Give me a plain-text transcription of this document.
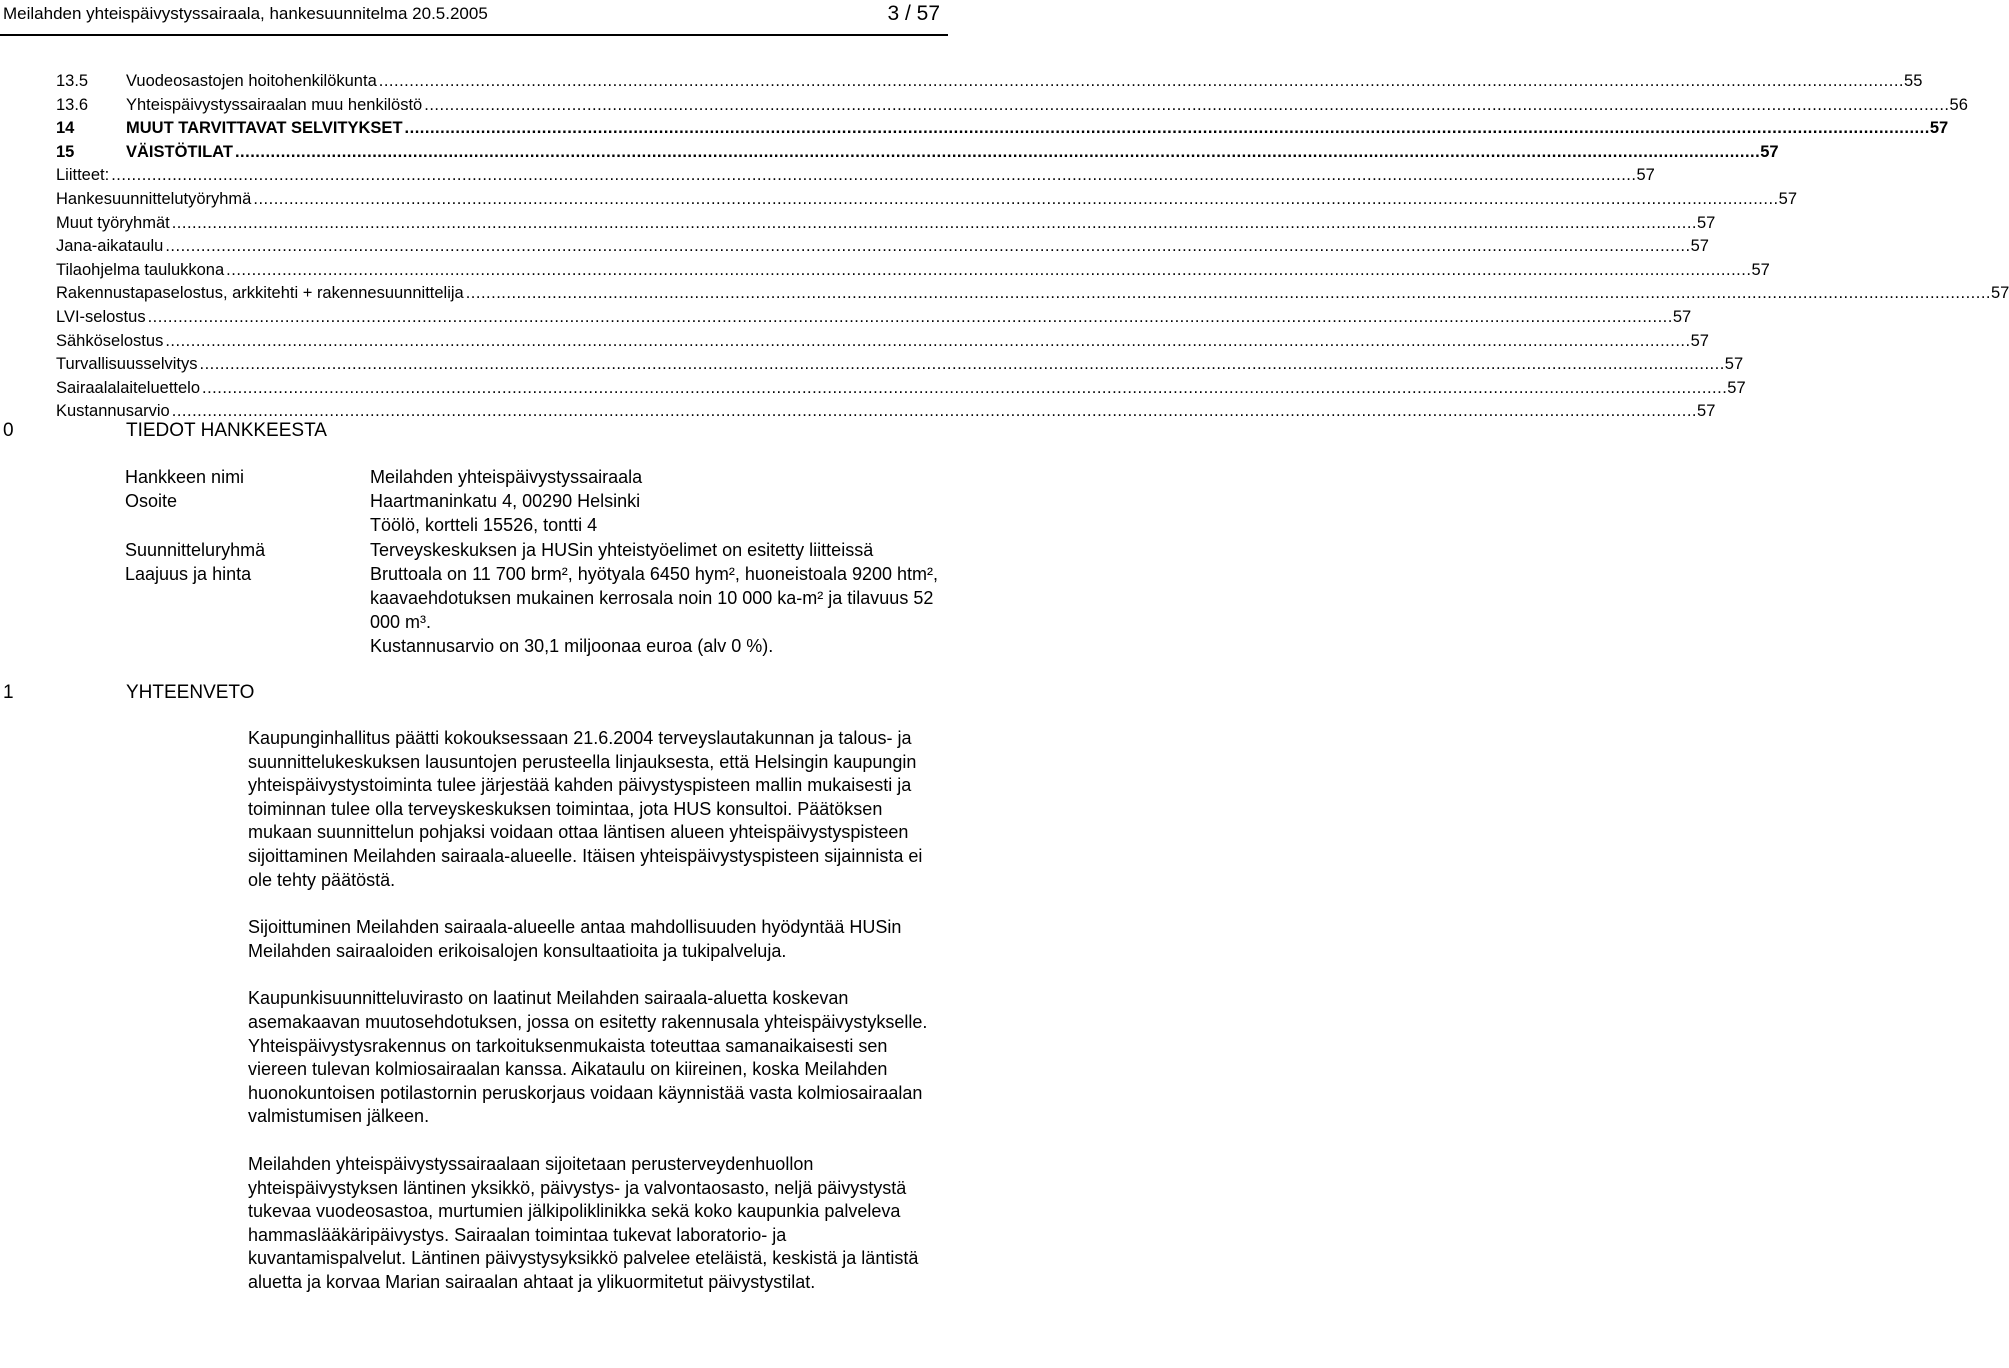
Meilahden yhteispäivystyssairaala, hankesuunnitelma 20.5.2005	3 / 57
13.5 Vuodeosastojen hoitohenkilökunta ............................................................................................................................................................................................................................................................................................................ 55
13.6 Yhteispäivystyssairaalan muu henkilöstö ............................................................................................................................................................................................................................................................................................................ 56
14	MUUT TARVITTAVAT SELVITYKSET ............................................................................................................................................................................................................................................................................................................ 57
15	VÄISTÖTILAT ............................................................................................................................................................................................................................................................................................................ 57
Liitteet: ............................................................................................................................................................................................................................................................................................................ 57
Hankesuunnittelutyöryhmä ............................................................................................................................................................................................................................................................................................................ 57
Muut työryhmät ............................................................................................................................................................................................................................................................................................................ 57
Jana-aikataulu ............................................................................................................................................................................................................................................................................................................ 57
Tilaohjelma taulukkona ............................................................................................................................................................................................................................................................................................................ 57
Rakennustapaselostus, arkkitehti + rakennesuunnittelija ............................................................................................................................................................................................................................................................................................................ 57
LVI-selostus ............................................................................................................................................................................................................................................................................................................ 57
Sähköselostus ............................................................................................................................................................................................................................................................................................................ 57
Turvallisuusselvitys ............................................................................................................................................................................................................................................................................................................ 57
Sairaalalaiteluettelo ............................................................................................................................................................................................................................................................................................................ 57
Kustannusarvio ............................................................................................................................................................................................................................................................................................................ 57
0	TIEDOT HANKKEESTA
Hankkeen nimi	Meilahden yhteispäivystyssairaala
Osoite	Haartmaninkatu 4, 00290 Helsinki
Töölö, kortteli 15526, tontti 4
Suunnitteluryhmä	Terveyskeskuksen ja HUSin yhteistyöelimet on esitetty liitteissä
Laajuus ja hinta	Bruttoala on 11 700 brm², hyötyala 6450 hym², huoneistoala 9200 htm², kaavaehdotuksen mukainen kerrosala noin 10 000 ka-m² ja tilavuus 52 000 m³.
Kustannusarvio on 30,1 miljoonaa euroa (alv 0 %).
1	YHTEENVETO

Kaupunginhallitus päätti kokouksessaan 21.6.2004 terveyslautakunnan ja talous- ja suunnittelukeskuksen lausuntojen perusteella linjauksesta, että Helsingin kaupungin yhteispäivystystoiminta tulee järjestää kahden päivystyspisteen mallin mukaisesti ja toiminnan tulee olla terveyskeskuksen toimintaa, jota HUS konsultoi. Päätöksen mukaan suunnittelun pohjaksi voidaan ottaa läntisen alueen yhteispäivystyspisteen sijoittaminen Meilahden sairaala-alueelle. Itäisen yhteispäivystyspisteen sijainnista ei ole tehty päätöstä.

Sijoittuminen Meilahden sairaala-alueelle antaa mahdollisuuden hyödyntää HUSin Meilahden sairaaloiden erikoisalojen konsultaatioita ja tukipalveluja.

Kaupunkisuunnitteluvirasto on laatinut Meilahden sairaala-aluetta koskevan asemakaavan muutosehdotuksen, jossa on esitetty rakennusala yhteispäivystykselle. Yhteispäivystysrakennus on tarkoituksenmukaista toteuttaa samanaikaisesti sen viereen tulevan kolmiosairaalan kanssa. Aikataulu on kiireinen, koska Meilahden huonokuntoisen potilastornin peruskorjaus voidaan käynnistää vasta kolmiosairaalan valmistumisen jälkeen.

Meilahden yhteispäivystyssairaalaan sijoitetaan perusterveydenhuollon yhteispäivystyksen läntinen yksikkö, päivystys- ja valvontaosasto, neljä päivystystä tukevaa vuodeosastoa, murtumien jälkipoliklinikka sekä koko kaupunkia palveleva hammaslääkäripäivystys. Sairaalan toimintaa tukevat laboratorio- ja kuvantamispalvelut. Läntinen päivystysyksikkö palvelee eteläistä, keskistä ja läntistä aluetta ja korvaa Marian sairaalan ahtaat ja ylikuormitetut päivystystilat.
